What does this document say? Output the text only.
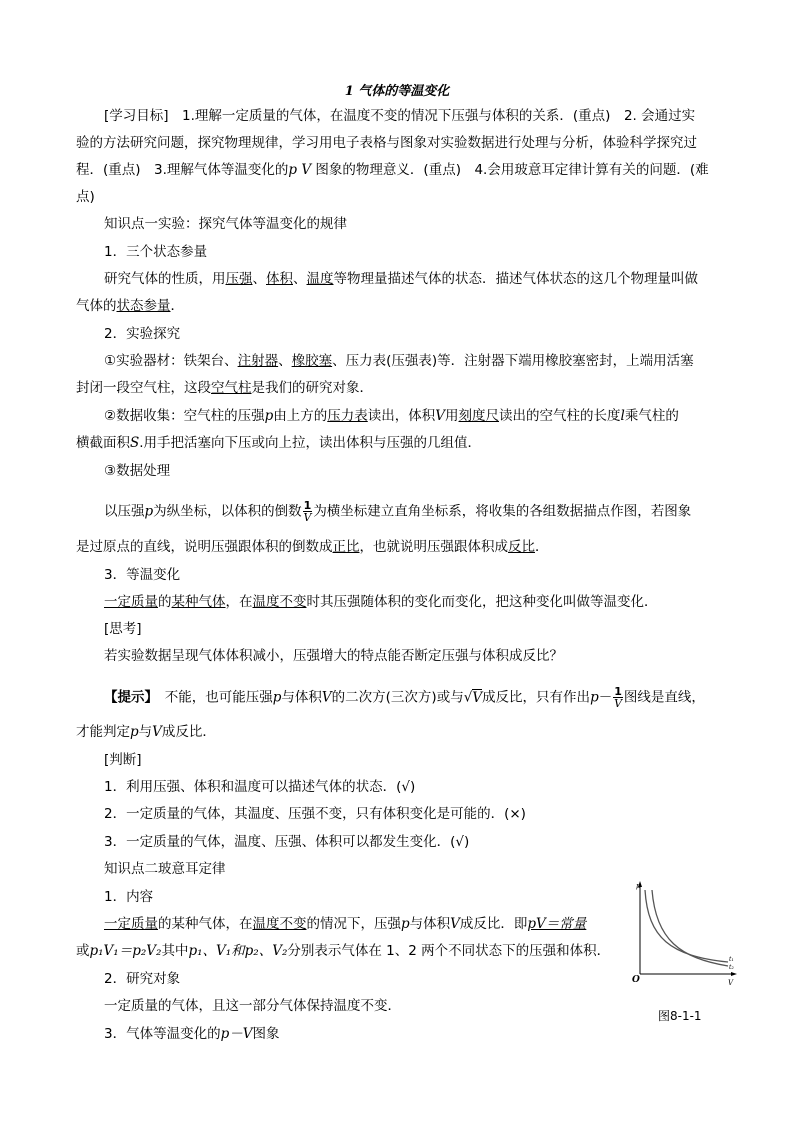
1 气体的等温变化
[学习目标]　1.理解一定质量的气体，在温度不变的情况下压强与体积的关系．(重点)　2. 会通过实
验的方法研究问题，探究物理规律，学习用电子表格与图象对实验数据进行处理与分析，体验科学探究过
程．(重点)　3.理解气体等温变化的p V 图象的物理意义．(重点)　4.会用玻意耳定律计算有关的问题．(难
点)
知识点一实验：探究气体等温变化的规律
1．三个状态参量
研究气体的性质，用压强、体积、温度等物理量描述气体的状态．描述气体状态的这几个物理量叫做
气体的状态参量．
2．实验探究
①实验器材：铁架台、注射器、橡胶塞、压力表(压强表)等．注射器下端用橡胶塞密封，上端用活塞
封闭一段空气柱，这段空气柱是我们的研究对象．
②数据收集：空气柱的压强p由上方的压力表读出，体积V用刻度尺读出的空气柱的长度l乘气柱的
横截面积S.用手把活塞向下压或向上拉，读出体积与压强的几组值．
③数据处理
以压强p为纵坐标，以体积的倒数 $\frac{1}{V}$ 为横坐标建立直角坐标系，将收集的各组数据描点作图，若图象
是过原点的直线，说明压强跟体积的倒数成正比，也就说明压强跟体积成反比．
3．等温变化
一定质量的某种气体，在温度不变时其压强随体积的变化而变化，把这种变化叫做等温变化．
[思考]
若实验数据呈现气体体积减小，压强增大的特点能否断定压强与体积成反比？
【提示】　不能，也可能压强p与体积V的二次方(三次方)或与√V成反比，只有作出$p- \frac{1}{V}$ 图线是直线，
才能判定p与V成反比．
[判断]
1．利用压强、体积和温度可以描述气体的状态．(√)
2．一定质量的气体，其温度、压强不变，只有体积变化是可能的．(×)
3．一定质量的气体，温度、压强、体积可以都发生变化．(√)
知识点二玻意耳定律
1．内容
一定质量的某种气体，在温度不变的情况下，压强p与体积V成反比．即pV＝常量
或p₁V₁＝p₂V₂其中p₁、V₁和p₂、V₂分别表示气体在 1、2 两个不同状态下的压强和体积．
2．研究对象
一定质量的气体，且这一部分气体保持温度不变．
3．气体等温变化的p－V图象
p
O	V
t₁
t₂
图8-1-1
